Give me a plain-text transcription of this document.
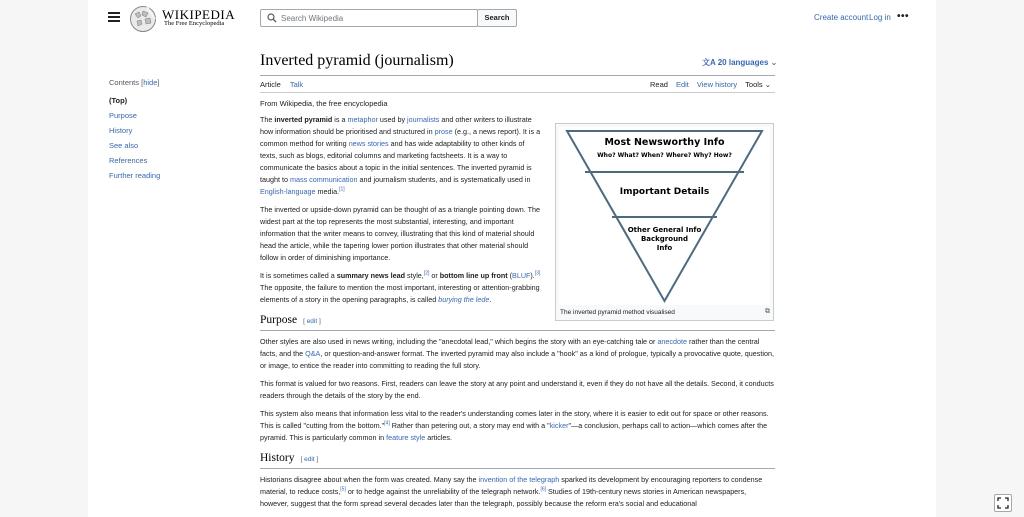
WIKIPEDIA
The Free Encyclopedia
Search Wikipedia
Search	Create account Log in •••
Contents [hide]
(Top)
Purpose
History
See also
References
Further reading
Inverted pyramid (journalism)	文A 20 languages ⌄
Article Talk	Read Edit View history Tools ⌄
From Wikipedia, the free encyclopedia
Most Newsworthy Info
Who? What? When? Where? Why? How?
Important Details
Other General Info
Background
Info
The inverted pyramid method visualised	⧉

The inverted pyramid is a metaphor used by journalists and other writers to illustrate how information should be prioritised and structured in prose (e.g., a news report). It is a common method for writing news stories and has wide adaptability to other kinds of texts, such as blogs, editorial columns and marketing factsheets. It is a way to communicate the basics about a topic in the initial sentences. The inverted pyramid is taught to mass communication and journalism students, and is systematically used in English-language media.[1]

The inverted or upside-down pyramid can be thought of as a triangle pointing down. The widest part at the top represents the most substantial, interesting, and important information that the writer means to convey, illustrating that this kind of material should head the article, while the tapering lower portion illustrates that other material should follow in order of diminishing importance.

It is sometimes called a summary news lead style,[2] or bottom line up front (BLUF).[3] The opposite, the failure to mention the most important, interesting or attention-grabbing elements of a story in the opening paragraphs, is called burying the lede.

Purpose [ edit ]

Other styles are also used in news writing, including the "anecdotal lead," which begins the story with an eye-catching tale or anecdote rather than the central facts, and the Q&A, or question-and-answer format. The inverted pyramid may also include a "hook" as a kind of prologue, typically a provocative quote, question, or image, to entice the reader into committing to reading the full story.

This format is valued for two reasons. First, readers can leave the story at any point and understand it, even if they do not have all the details. Second, it conducts readers through the details of the story by the end.

This system also means that information less vital to the reader's understanding comes later in the story, where it is easier to edit out for space or other reasons. This is called "cutting from the bottom."[4] Rather than petering out, a story may end with a "kicker"—a conclusion, perhaps call to action—which comes after the pyramid. This is particularly common in feature style articles.

History [ edit ]

Historians disagree about when the form was created. Many say the invention of the telegraph sparked its development by encouraging reporters to condense material, to reduce costs,[5] or to hedge against the unreliability of the telegraph network.[6] Studies of 19th-century news stories in American newspapers, however, suggest that the form spread several decades later than the telegraph, possibly because the reform era's social and educational
